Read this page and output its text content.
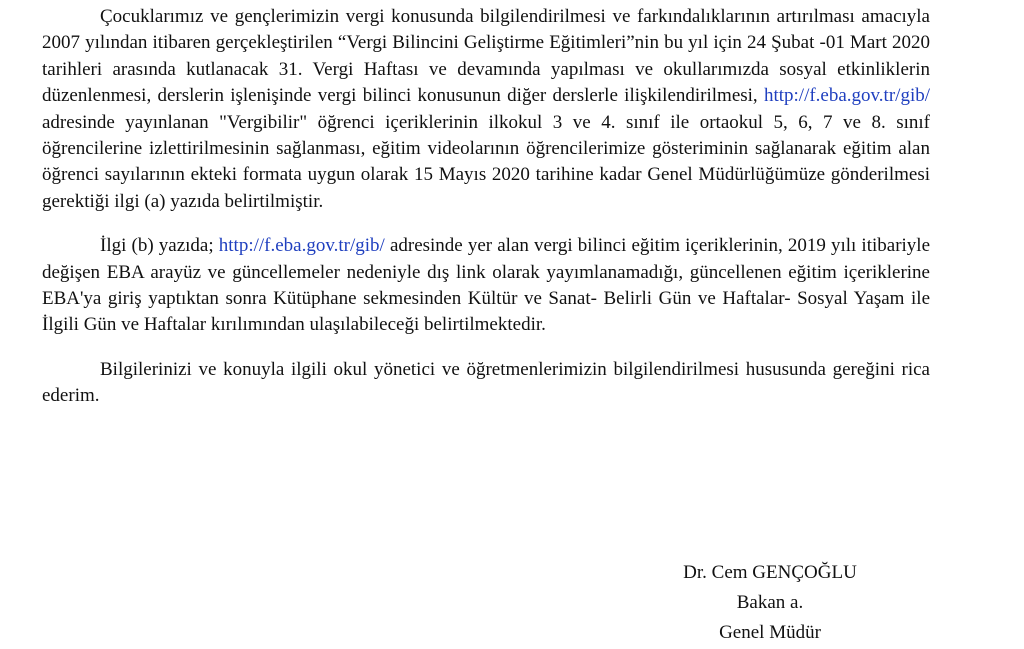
Çocuklarımız ve gençlerimizin vergi konusunda bilgilendirilmesi ve farkındalıklarının artırılması amacıyla 2007 yılından itibaren gerçekleştirilen “Vergi Bilincini Geliştirme Eğitimleri”nin bu yıl için 24 Şubat -01 Mart 2020 tarihleri arasında kutlanacak 31. Vergi Haftası ve devamında yapılması ve okullarımızda sosyal etkinliklerin düzenlenmesi, derslerin işlenişinde vergi bilinci konusunun diğer derslerle ilişkilendirilmesi, http://f.eba.gov.tr/gib/ adresinde yayınlanan "Vergibilir" öğrenci içeriklerinin ilkokul 3 ve 4. sınıf ile ortaokul 5, 6, 7 ve 8. sınıf öğrencilerine izlettirilmesinin sağlanması, eğitim videolarının öğrencilerimize gösteriminin sağlanarak eğitim alan öğrenci sayılarının ekteki formata uygun olarak 15 Mayıs 2020 tarihine kadar Genel Müdürlüğümüze gönderilmesi gerektiği ilgi (a) yazıda belirtilmiştir.

İlgi (b) yazıda; http://f.eba.gov.tr/gib/ adresinde yer alan vergi bilinci eğitim içeriklerinin, 2019 yılı itibariyle değişen EBA arayüz ve güncellemeler nedeniyle dış link olarak yayımlanamadığı, güncellenen eğitim içeriklerine EBA'ya giriş yaptıktan sonra Kütüphane sekmesinden Kültür ve Sanat- Belirli Gün ve Haftalar- Sosyal Yaşam ile İlgili Gün ve Haftalar kırılımından ulaşılabileceği belirtilmektedir.

Bilgilerinizi ve konuyla ilgili okul yönetici ve öğretmenlerimizin bilgilendirilmesi hususunda gereğini rica ederim.

Dr. Cem GENÇOĞLU
Bakan a.
Genel Müdür
